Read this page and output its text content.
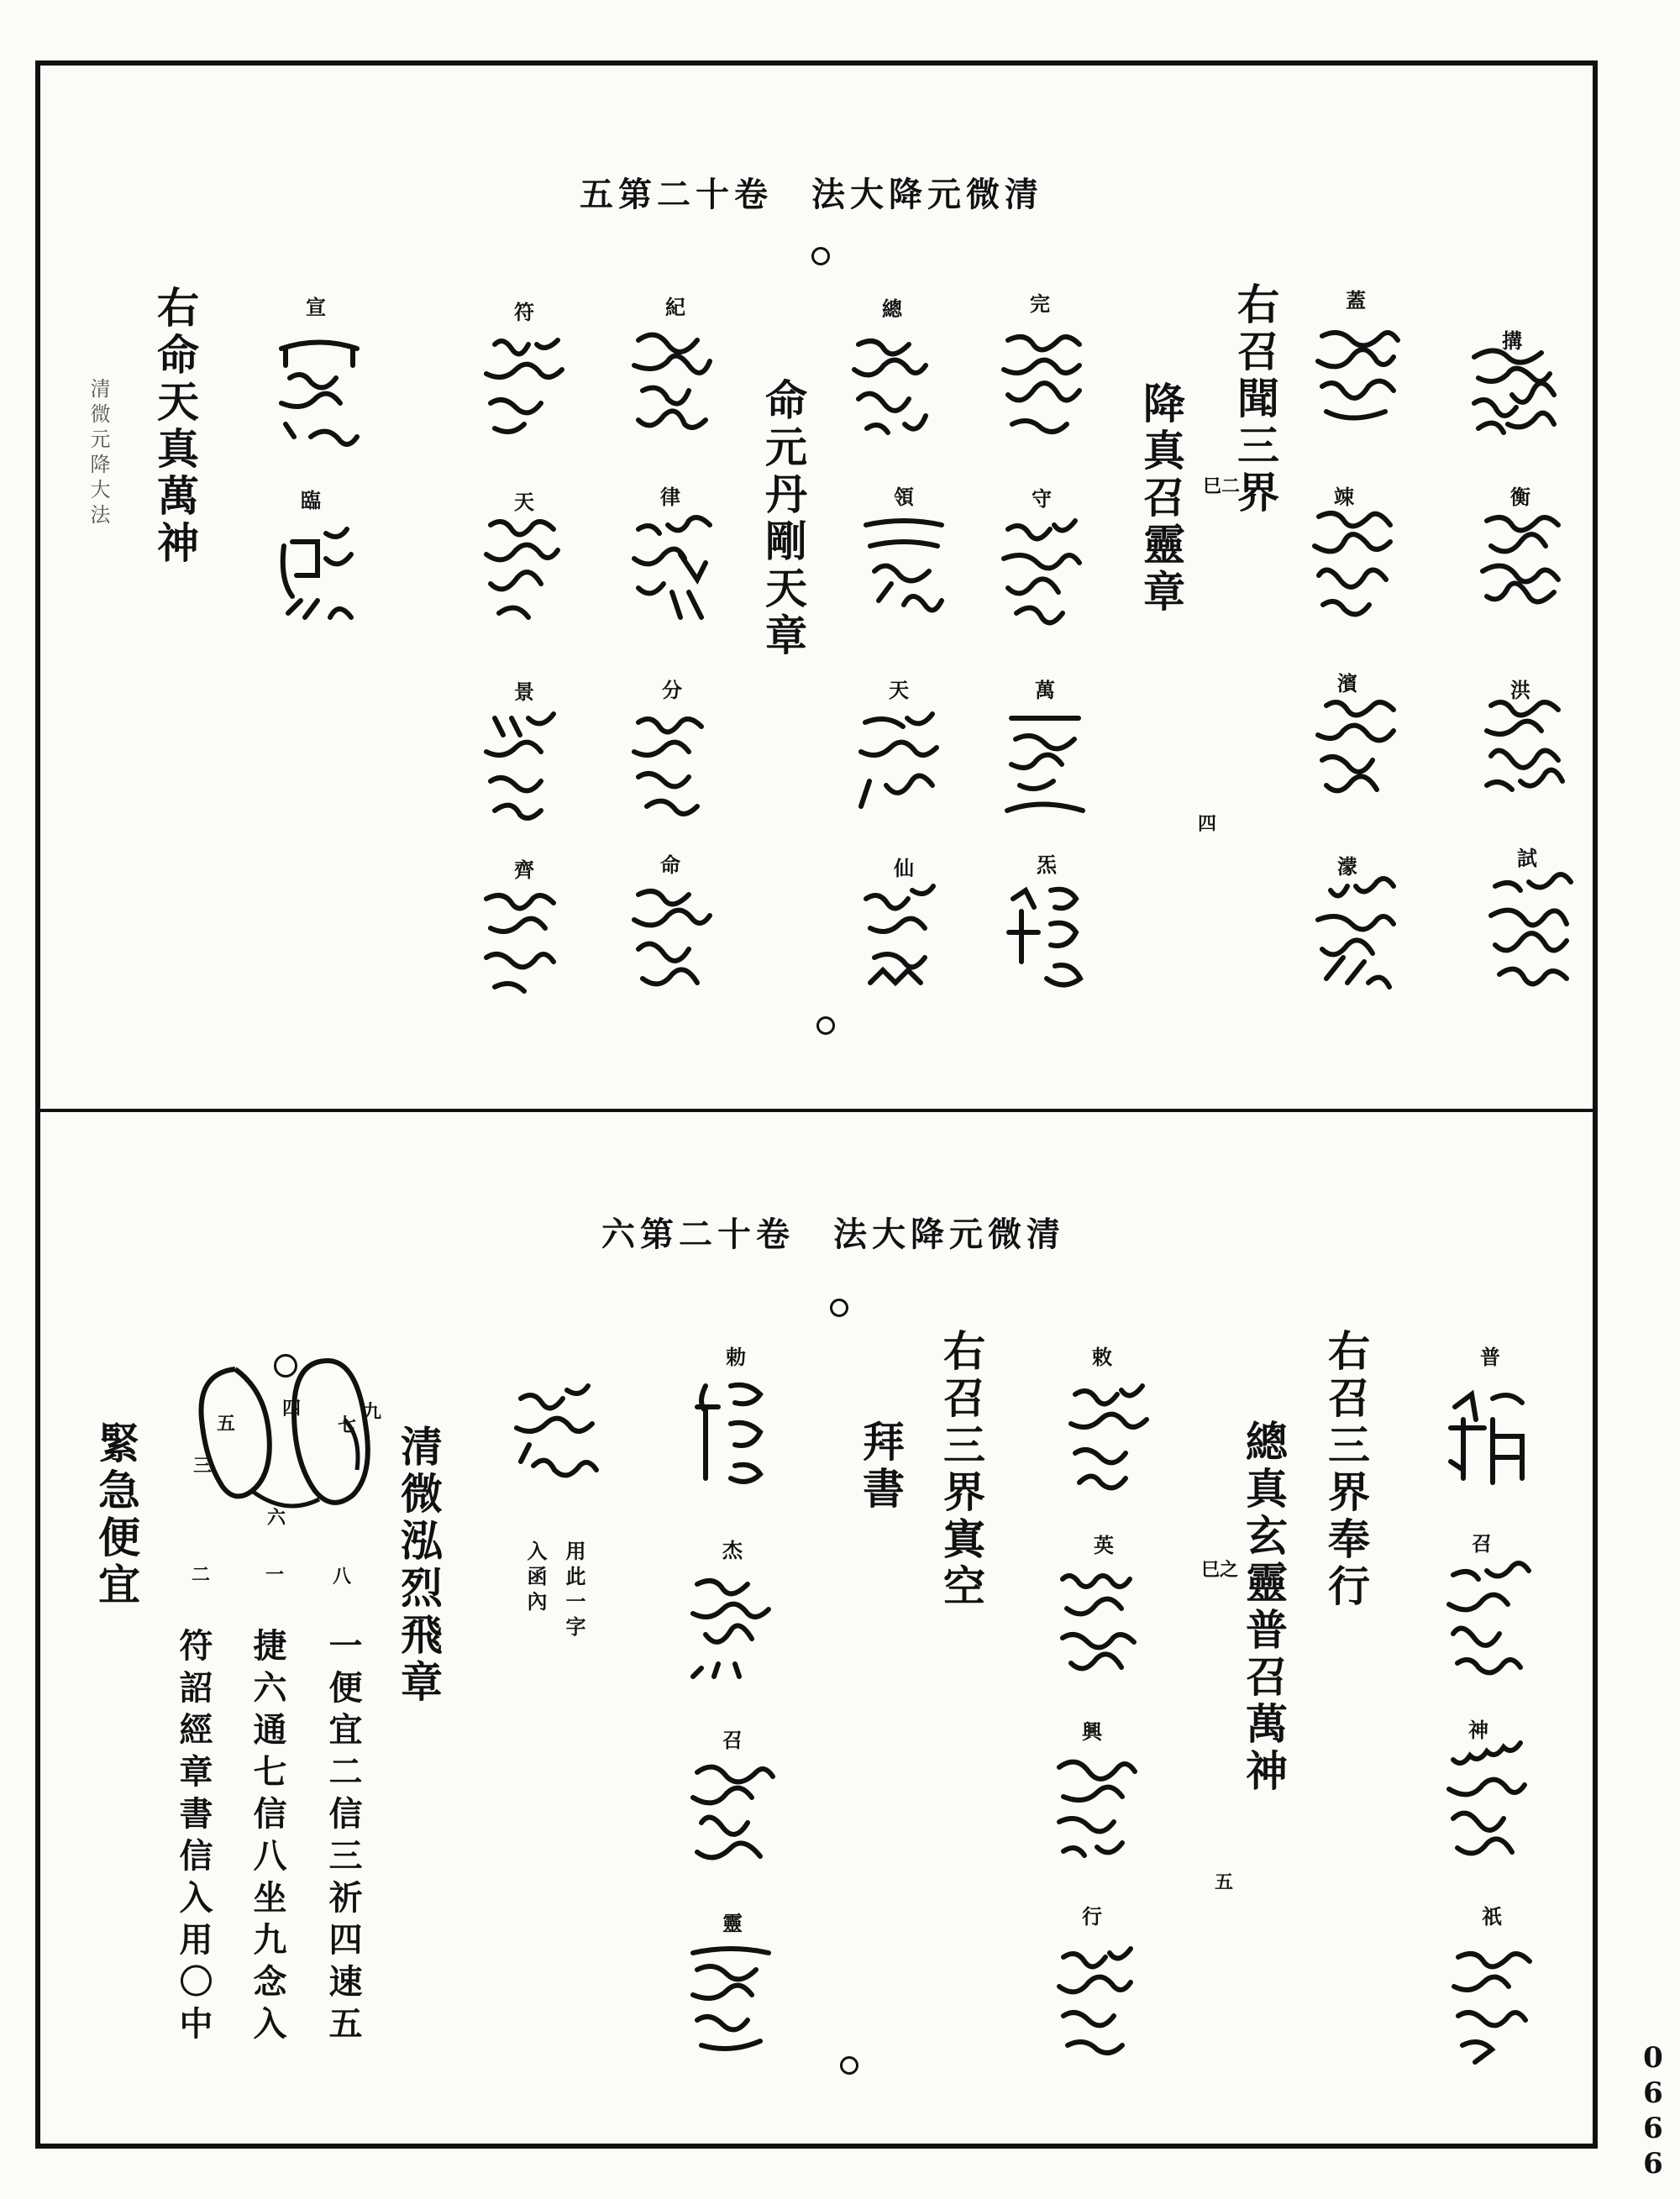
五第二十卷　法大降元微清
右召聞三界
巳二
降真召靈章
四
命元丹剛天章
右命天真萬神
清微元降大法
搆
衡
洪
試
蓋
竦
濱
濛
完
守
萬
炁
總
領
天
仙
紀
律
分
命
符
天
景
齊
宣
臨
六第二十卷　法大降元微清
右召三界奉行
總真玄靈普召萬神
巳之
五
右召三界寘空
拜書
清微泓烈飛章
緊急便宜	用此一字
入函內
一便宜二信三祈四速五
捷六通七信八坐九念入
符詔經章書信入用〇中
五
四
三
六
七
九
八
二	一
普
召
神
祇
敕
英
興
行
勅
杰
召
靈
0666
